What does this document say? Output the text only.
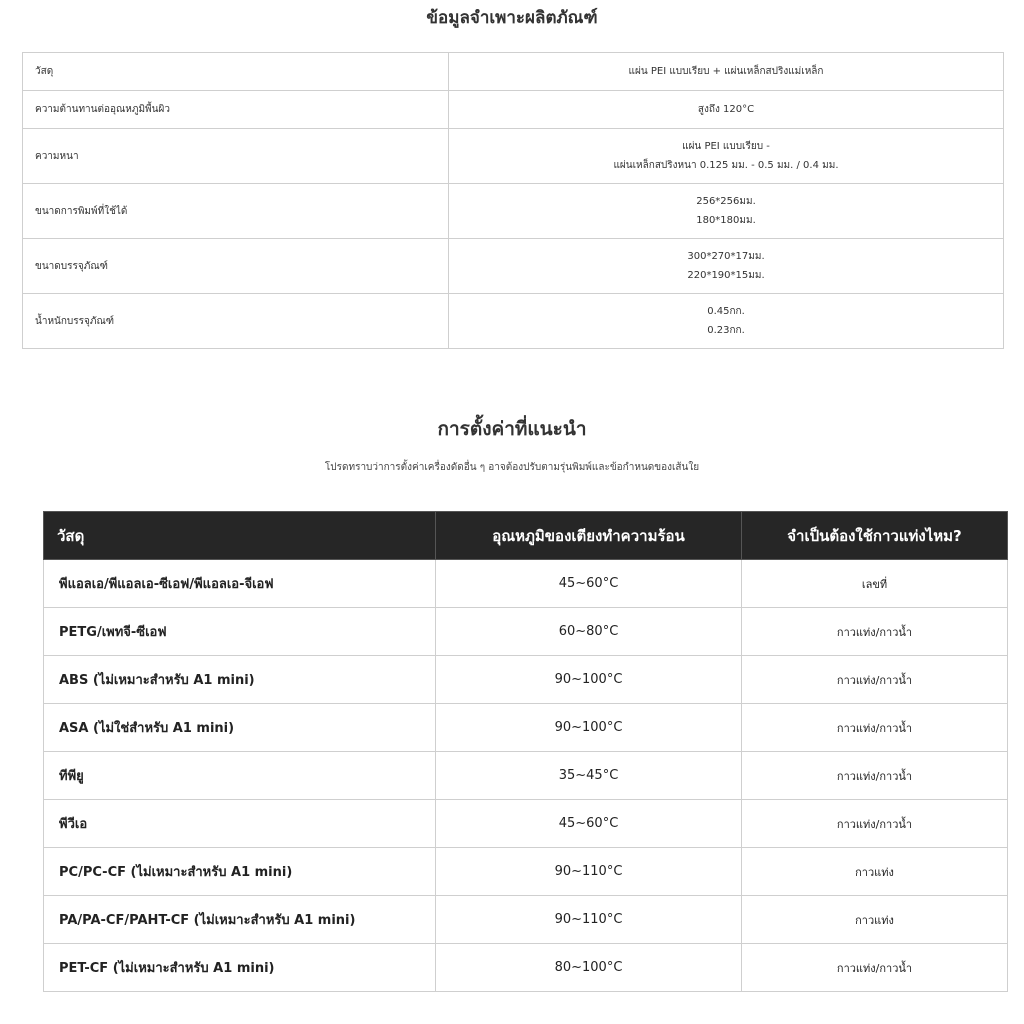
ข้อมูลจำเพาะผลิตภัณฑ์
วัสดุ	แผ่น PEI แบบเรียบ + แผ่นเหล็กสปริงแม่เหล็ก
ความต้านทานต่ออุณหภูมิพื้นผิว	สูงถึง 120°C
ความหนา	แผ่น PEI แบบเรียบ -
แผ่นเหล็กสปริงหนา 0.125 มม. - 0.5 มม. / 0.4 มม.
ขนาดการพิมพ์ที่ใช้ได้	256*256มม.
180*180มม.
ขนาดบรรจุภัณฑ์	300*270*17มม.
220*190*15มม.
น้ำหนักบรรจุภัณฑ์	0.45กก.
0.23กก.
การตั้งค่าที่แนะนำ
โปรดทราบว่าการตั้งค่าเครื่องดัดอื่น ๆ อาจต้องปรับตามรุ่นพิมพ์และข้อกำหนดของเส้นใย
วัสดุ	อุณหภูมิของเตียงทำความร้อน	จำเป็นต้องใช้กาวแท่งไหม?
พีแอลเอ/พีแอลเอ-ซีเอฟ/พีแอลเอ-จีเอฟ	45~60°C	เลขที่
PETG/เพทจี-ซีเอฟ	60~80°C	กาวแท่ง/กาวน้ำ
ABS (ไม่เหมาะสำหรับ A1 mini)	90~100°C	กาวแท่ง/กาวน้ำ
ASA (ไม่ใช่สำหรับ A1 mini)	90~100°C	กาวแท่ง/กาวน้ำ
ทีพียู	35~45°C	กาวแท่ง/กาวน้ำ
พีวีเอ	45~60°C	กาวแท่ง/กาวน้ำ
PC/PC-CF (ไม่เหมาะสำหรับ A1 mini)	90~110°C	กาวแท่ง
PA/PA-CF/PAHT-CF (ไม่เหมาะสำหรับ A1 mini)	90~110°C	กาวแท่ง
PET-CF (ไม่เหมาะสำหรับ A1 mini)	80~100°C	กาวแท่ง/กาวน้ำ
